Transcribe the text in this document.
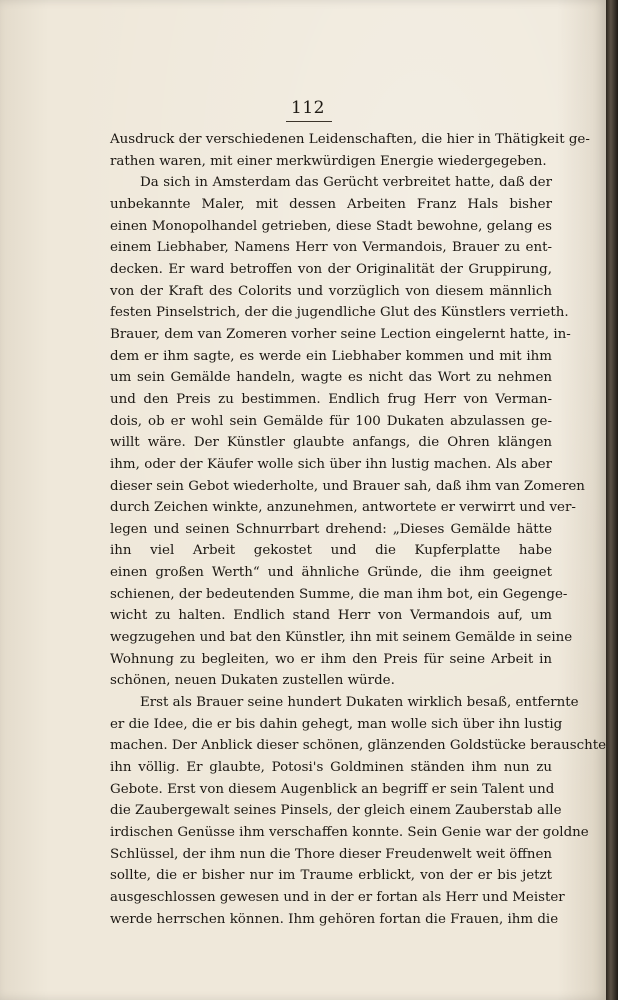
112
Ausdruck der verschiedenen Leidenschaften, die hier in Thätigkeit ge-
rathen waren, mit einer merkwürdigen Energie wiedergegeben.
Da sich in Amsterdam das Gerücht verbreitet hatte, daß der
unbekannte Maler, mit dessen Arbeiten Franz Hals bisher
einen Monopolhandel getrieben, diese Stadt bewohne, gelang es
einem Liebhaber, Namens Herr von Vermandois, Brauer zu ent-
decken. Er ward betroffen von der Originalität der Gruppirung,
von der Kraft des Colorits und vorzüglich von diesem männlich
festen Pinselstrich, der die jugendliche Glut des Künstlers verrieth.
Brauer, dem van Zomeren vorher seine Lection eingelernt hatte, in-
dem er ihm sagte, es werde ein Liebhaber kommen und mit ihm
um sein Gemälde handeln, wagte es nicht das Wort zu nehmen
und den Preis zu bestimmen. Endlich frug Herr von Verman-
dois, ob er wohl sein Gemälde für 100 Dukaten abzulassen ge-
willt wäre. Der Künstler glaubte anfangs, die Ohren klängen
ihm, oder der Käufer wolle sich über ihn lustig machen. Als aber
dieser sein Gebot wiederholte, und Brauer sah, daß ihm van Zomeren
durch Zeichen winkte, anzunehmen, antwortete er verwirrt und ver-
legen und seinen Schnurrbart drehend: „Dieses Gemälde hätte
ihn viel Arbeit gekostet und die Kupferplatte habe
einen großen Werth“ und ähnliche Gründe, die ihm geeignet
schienen, der bedeutenden Summe, die man ihm bot, ein Gegenge-
wicht zu halten. Endlich stand Herr von Vermandois auf, um
wegzugehen und bat den Künstler, ihn mit seinem Gemälde in seine
Wohnung zu begleiten, wo er ihm den Preis für seine Arbeit in
schönen, neuen Dukaten zustellen würde.
Erst als Brauer seine hundert Dukaten wirklich besaß, entfernte
er die Idee, die er bis dahin gehegt, man wolle sich über ihn lustig
machen. Der Anblick dieser schönen, glänzenden Goldstücke berauschte
ihn völlig. Er glaubte, Potosi's Goldminen ständen ihm nun zu
Gebote. Erst von diesem Augenblick an begriff er sein Talent und
die Zaubergewalt seines Pinsels, der gleich einem Zauberstab alle
irdischen Genüsse ihm verschaffen konnte. Sein Genie war der goldne
Schlüssel, der ihm nun die Thore dieser Freudenwelt weit öffnen
sollte, die er bisher nur im Traume erblickt, von der er bis jetzt
ausgeschlossen gewesen und in der er fortan als Herr und Meister
werde herrschen können. Ihm gehören fortan die Frauen, ihm die
